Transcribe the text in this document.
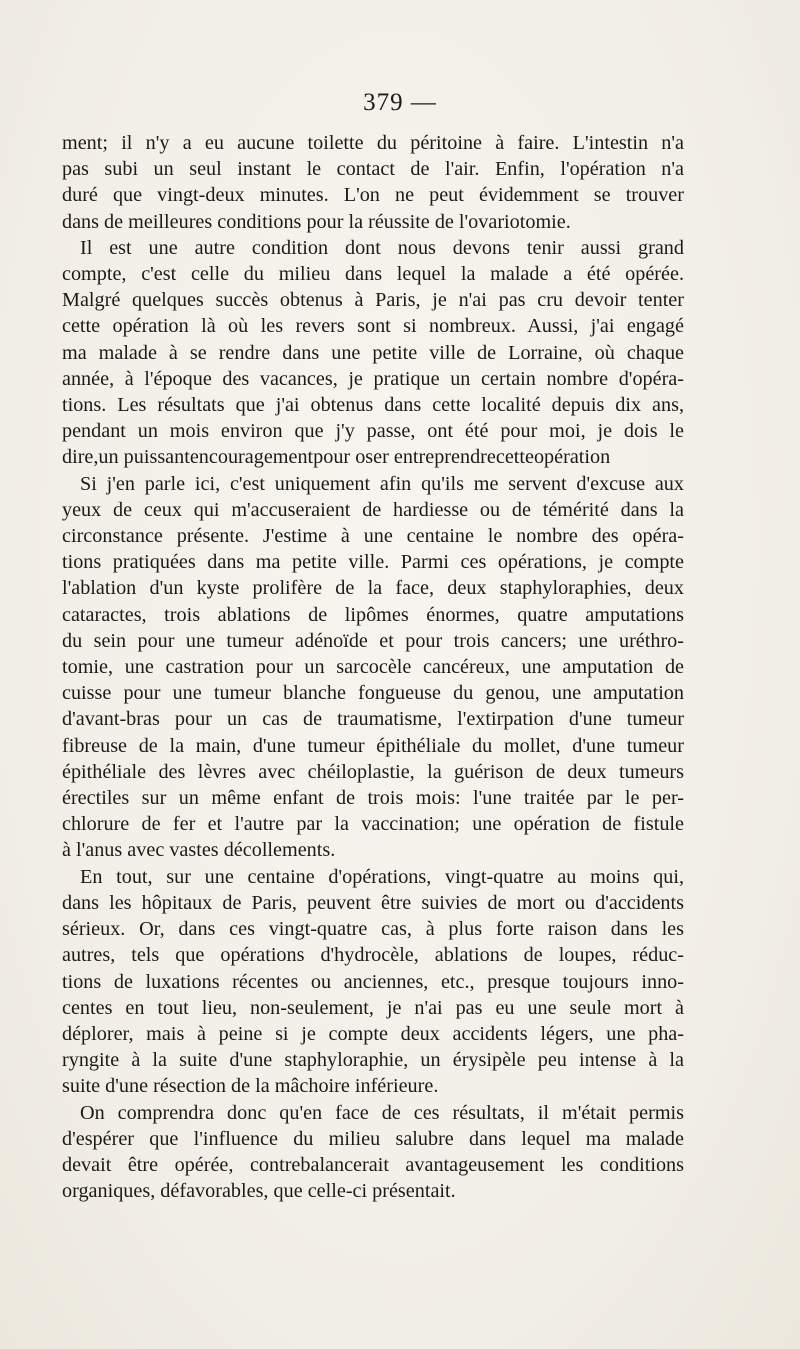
379 —

ment; il n'y a eu aucune toilette du péritoine à faire. L'intestin n'a
pas subi un seul instant le contact de l'air. Enfin, l'opération n'a
duré que vingt-deux minutes. L'on ne peut évidemment se trouver
dans de meilleures conditions pour la réussite de l'ovariotomie.

Il est une autre condition dont nous devons tenir aussi grand
compte, c'est celle du milieu dans lequel la malade a été opérée.
Malgré quelques succès obtenus à Paris, je n'ai pas cru devoir tenter
cette opération là où les revers sont si nombreux. Aussi, j'ai engagé
ma malade à se rendre dans une petite ville de Lorraine, où chaque
année, à l'époque des vacances, je pratique un certain nombre d'opéra-
tions. Les résultats que j'ai obtenus dans cette localité depuis dix ans,
pendant un mois environ que j'y passe, ont été pour moi, je dois le
dire,un puissantencouragementpour oser entreprendrecetteopération

Si j'en parle ici, c'est uniquement afin qu'ils me servent d'excuse aux
yeux de ceux qui m'accuseraient de hardiesse ou de témérité dans la
circonstance présente. J'estime à une centaine le nombre des opéra-
tions pratiquées dans ma petite ville. Parmi ces opérations, je compte
l'ablation d'un kyste prolifère de la face, deux staphyloraphies, deux
cataractes, trois ablations de lipômes énormes, quatre amputations
du sein pour une tumeur adénoïde et pour trois cancers; une uréthro-
tomie, une castration pour un sarcocèle cancéreux, une amputation de
cuisse pour une tumeur blanche fongueuse du genou, une amputation
d'avant-bras pour un cas de traumatisme, l'extirpation d'une tumeur
fibreuse de la main, d'une tumeur épithéliale du mollet, d'une tumeur
épithéliale des lèvres avec chéiloplastie, la guérison de deux tumeurs
érectiles sur un même enfant de trois mois: l'une traitée par le per-
chlorure de fer et l'autre par la vaccination; une opération de fistule
à l'anus avec vastes décollements.

En tout, sur une centaine d'opérations, vingt-quatre au moins qui,
dans les hôpitaux de Paris, peuvent être suivies de mort ou d'accidents
sérieux. Or, dans ces vingt-quatre cas, à plus forte raison dans les
autres, tels que opérations d'hydrocèle, ablations de loupes, réduc-
tions de luxations récentes ou anciennes, etc., presque toujours inno-
centes en tout lieu, non-seulement, je n'ai pas eu une seule mort à
déplorer, mais à peine si je compte deux accidents légers, une pha-
ryngite à la suite d'une staphyloraphie, un érysipèle peu intense à la
suite d'une résection de la mâchoire inférieure.

On comprendra donc qu'en face de ces résultats, il m'était permis
d'espérer que l'influence du milieu salubre dans lequel ma malade
devait être opérée, contrebalancerait avantageusement les conditions
organiques, défavorables, que celle-ci présentait.
